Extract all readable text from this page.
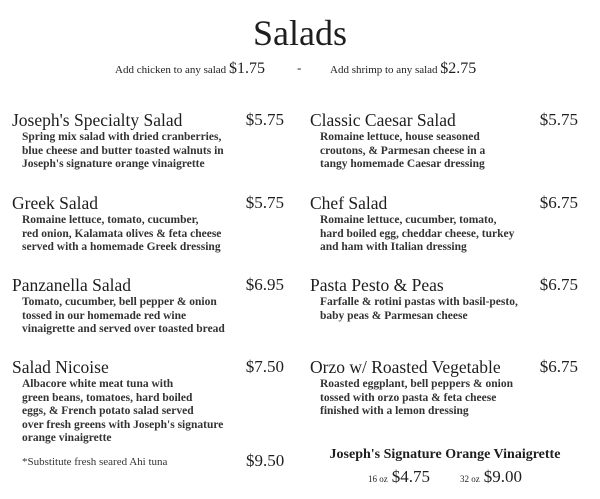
Salads
Add chicken to any salad $1.75 -	Add shrimp to any salad $2.75
Joseph's Specialty Salad	$5.75
Spring mix salad with dried cranberries,
blue cheese and butter toasted walnuts in
Joseph's signature orange vinaigrette
Greek Salad	$5.75
Romaine lettuce, tomato, cucumber,
red onion, Kalamata olives & feta cheese
served with a homemade Greek dressing
Panzanella Salad	$6.95
Tomato, cucumber, bell pepper & onion
tossed in our homemade red wine
vinaigrette and served over toasted bread
Salad Nicoise	$7.50
Albacore white meat tuna with
green beans, tomatoes, hard boiled
eggs, & French potato salad served
over fresh greens with Joseph's signature
orange vinaigrette
Classic Caesar Salad	$5.75
Romaine lettuce, house seasoned
croutons, & Parmesan cheese in a
tangy homemade Caesar dressing
Chef Salad	$6.75
Romaine lettuce, cucumber, tomato,
hard boiled egg, cheddar cheese, turkey
and ham with Italian dressing
Pasta Pesto & Peas	$6.75
Farfalle & rotini pastas with basil-pesto,
baby peas & Parmesan cheese
Orzo w/ Roasted Vegetable	$6.75
Roasted eggplant, bell peppers & onion
tossed with orzo pasta & feta cheese
finished with a lemon dressing
*Substitute fresh seared Ahi tuna	$9.50	Joseph's Signature Orange Vinaigrette
16 oz $4.75	32 oz $9.00
